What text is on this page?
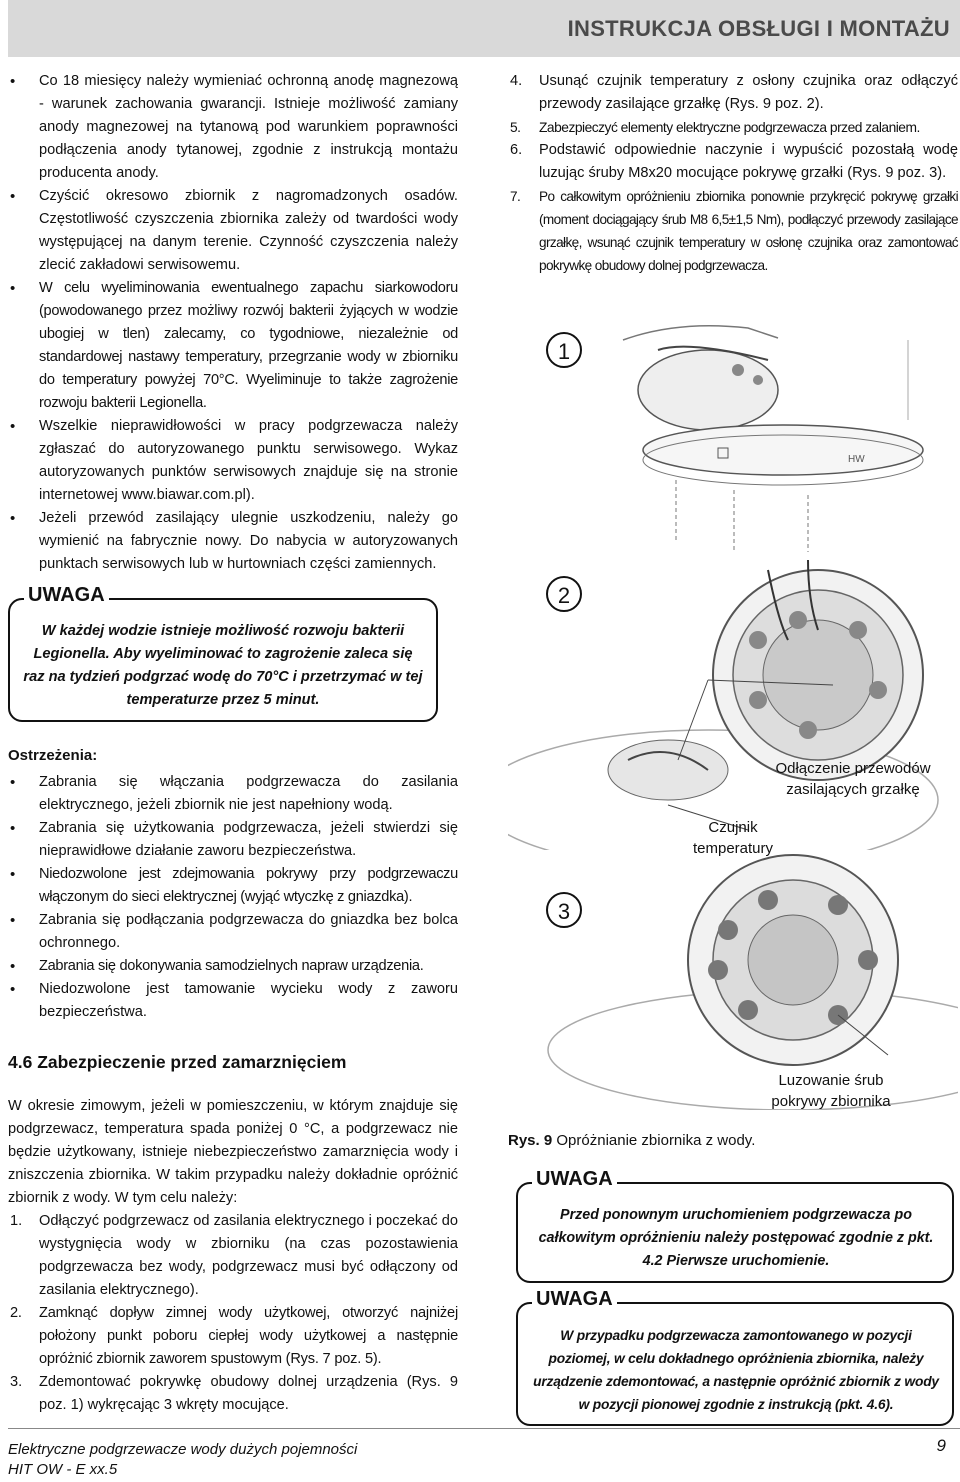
INSTRUKCJA OBSŁUGI I MONTAŻU
• Co 18 miesięcy należy wymieniać ochronną anodę magnezową - warunek zachowania gwarancji. Istnieje możliwość zamiany anody magnezowej na tytanową pod warunkiem poprawności podłączenia anody tytanowej, zgodnie z instrukcją montażu producenta anody.
• Czyścić okresowo zbiornik z nagromadzonych osadów. Częstotliwość czyszczenia zbiornika zależy od twardości wody występującej na danym terenie. Czynność czyszczenia należy zlecić zakładowi serwisowemu.
• W celu wyeliminowania ewentualnego zapachu siarkowodoru (powodowanego przez możliwy rozwój bakterii żyjących w wodzie ubogiej w tlen) zalecamy, co tygodniowe, niezależnie od standardowej nastawy temperatury, przegrzanie wody w zbiorniku do temperatury powyżej 70°C. Wyeliminuje to także zagrożenie rozwoju bakterii Legionella.
• Wszelkie nieprawidłowości w pracy podgrzewacza należy zgłaszać do autoryzowanego punktu serwisowego. Wykaz autoryzowanych punktów serwisowych znajduje się na stronie internetowej www.biawar.com.pl).
• Jeżeli przewód zasilający ulegnie uszkodzeniu, należy go wymienić na fabrycznie nowy. Do nabycia w autoryzowanych punktach serwisowych lub w hurtowniach części zamiennych.
UWAGA
W każdej wodzie istnieje możliwość rozwoju bakterii Legionella. Aby wyeliminować to zagrożenie zaleca się raz na tydzień podgrzać wodę do 70°C i przetrzymać w tej temperaturze przez 5 minut.
Ostrzeżenia:
• Zabrania się włączania podgrzewacza do zasilania elektrycznego, jeżeli zbiornik nie jest napełniony wodą.
• Zabrania się użytkowania podgrzewacza, jeżeli stwierdzi się nieprawidłowe działanie zaworu bezpieczeństwa.
• Niedozwolone jest zdejmowania pokrywy przy podgrzewaczu włączonym do sieci elektrycznej (wyjąć wtyczkę z gniazdka).
• Zabrania się podłączania podgrzewacza do gniazdka bez bolca ochronnego.
• Zabrania się dokonywania samodzielnych napraw urządzenia.
• Niedozwolone jest tamowanie wycieku wody z zaworu bezpieczeństwa.
4.6 Zabezpieczenie przed zamarznięciem

W okresie zimowym, jeżeli w pomieszczeniu, w którym znajduje się podgrzewacz, temperatura spada poniżej 0 °C, a podgrzewacz nie będzie użytkowany, istnieje niebezpieczeństwo zamarznięcia wody i zniszczenia zbiornika. W takim przypadku należy dokładnie opróżnić zbiornik z wody. W tym celu należy:

1. Odłączyć podgrzewacz od zasilania elektrycznego i poczekać do wystygnięcia wody w zbiorniku (na czas pozostawienia podgrzewacza bez wody, podgrzewacz musi być odłączony od zasilania elektrycznego).
2. Zamknąć dopływ zimnej wody użytkowej, otworzyć najniżej położony punkt poboru ciepłej wody użytkowej a następnie opróżnić zbiornik zaworem spustowym (Rys. 7 poz. 5).
3. Zdemontować pokrywkę obudowy dolnej urządzenia (Rys. 9 poz. 1) wykręcając 3 wkręty mocujące.
4. Usunąć czujnik temperatury z osłony czujnika oraz odłączyć przewody zasilające grzałkę (Rys. 9 poz. 2).
5. Zabezpieczyć elementy elektryczne podgrzewacza przed zalaniem.
6. Podstawić odpowiednie naczynie i wypuścić pozostałą wodę luzując śruby M8x20 mocujące pokrywę grzałki (Rys. 9 poz. 3).
7. Po całkowitym opróżnieniu zbiornika ponownie przykręcić pokrywę grzałki (moment dociągający śrub M8 6,5±1,5 Nm), podłączyć przewody zasilające grzałkę, wsunąć czujnik temperatury w osłonę czujnika oraz zamontować pokrywkę obudowy dolnej podgrzewacza.
1
2
3
HW
Odłączenie przewodów zasilających grzałkę
Czujnik temperatury
Luzowanie śrub pokrywy zbiornika
Rys. 9 Opróżnianie zbiornika z wody.
UWAGA
Przed ponownym uruchomieniem podgrzewacza po całkowitym opróżnieniu należy postępować zgodnie z pkt. 4.2 Pierwsze uruchomienie.
UWAGA
W przypadku podgrzewacza zamontowanego w pozycji poziomej, w celu dokładnego opróżnienia zbiornika, należy urządzenie zdemontować, a następnie opróżnić zbiornik z wody w pozycji pionowej zgodnie z instrukcją (pkt. 4.6).
Elektryczne podgrzewacze wody dużych pojemności
HIT OW - E xx.5
9
